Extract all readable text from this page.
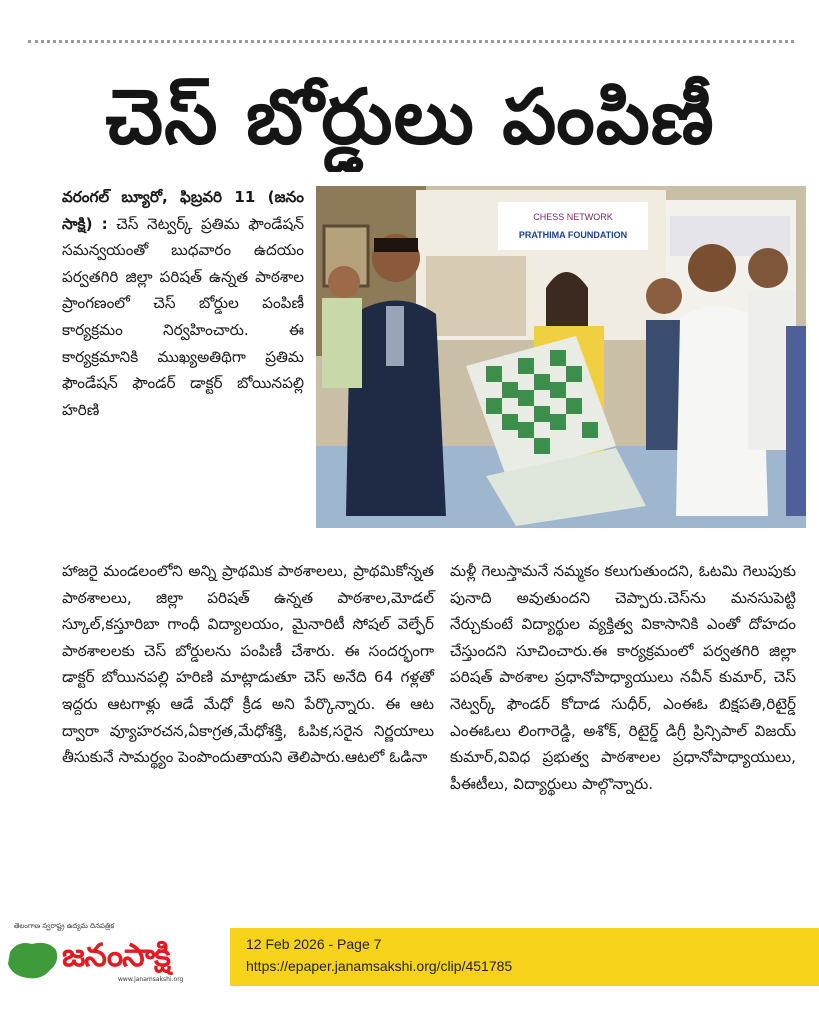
చెస్ బోర్డులు పంపిణీ
వరంగల్ బ్యూరో, ఫిబ్రవరి 11 (జనం సాక్షి) : చెస్ నెట్వర్క్ ప్రతిమ ఫౌండేషన్ సమన్వయంతో బుధవారం ఉదయం పర్వతగిరి జిల్లా పరిషత్ ఉన్నత పాఠశాల ప్రాంగణంలో చెస్ బోర్డుల పంపిణీ కార్యక్రమం నిర్వహించారు. ఈ కార్యక్రమానికి ముఖ్యఅతిథిగా ప్రతిమ ఫౌండేషన్ ఫౌండర్ డాక్టర్ బోయినపల్లి హరిణి
CHESS NETWORK
PRATHIMA FOUNDATION
హాజరై మండలంలోని అన్ని ప్రాథమిక పాఠశాలలు, ప్రాథమికోన్నత పాఠశాలలు, జిల్లా పరిషత్ ఉన్నత పాఠశాల,మోడల్ స్కూల్,కస్తూరిబా గాంధీ విద్యాలయం, మైనారిటీ సోషల్ వెల్ఫేర్ పాఠశాలలకు చెస్ బోర్డులను పంపిణీ చేశారు. ఈ సందర్భంగా డాక్టర్ బోయినపల్లి హరిణి మాట్లాడుతూ చెస్ అనేది 64 గళ్లతో ఇద్దరు ఆటగాళ్లు ఆడే మేధో క్రీడ అని పేర్కొన్నారు. ఈ ఆట ద్వారా వ్యూహరచన,ఏకాగ్రత,మేధోశక్తి, ఓపిక,సరైన నిర్ణయాలు తీసుకునే సామర్థ్యం పెంపొందుతాయని తెలిపారు.ఆటలో ఓడినా
మళ్లీ గెలుస్తామనే నమ్మకం కలుగుతుందని, ఓటమి గెలుపుకు పునాది అవుతుందని చెప్పారు.చెస్‌ను మనసుపెట్టి నేర్చుకుంటే విద్యార్థుల వ్యక్తిత్వ వికాసానికి ఎంతో దోహదం చేస్తుందని సూచించారు.ఈ కార్యక్రమంలో పర్వతగిరి జిల్లా పరిషత్ పాఠశాల ప్రధానోపాధ్యాయులు నవీన్ కుమార్, చెస్ నెట్వర్క్ ఫౌండర్ కోదాడ సుధీర్, ఎంఈఓ బిక్షపతి,రిటైర్డ్ ఎంఈఓలు లింగారెడ్డి, అశోక్, రిటైర్డ్ డిగ్రీ ప్రిన్సిపాల్ విజయ్ కుమార్,వివిధ ప్రభుత్వ పాఠశాలల ప్రధానోపాధ్యాయులు, పీఈటీలు, విద్యార్థులు పాల్గొన్నారు.
తెలంగాణ స్వరాష్ట్ర ఉద్యమ దినపత్రిక
జనంసాక్షి
www.janamsakshi.org
12 Feb 2026 - Page 7
https://epaper.janamsakshi.org/clip/451785
